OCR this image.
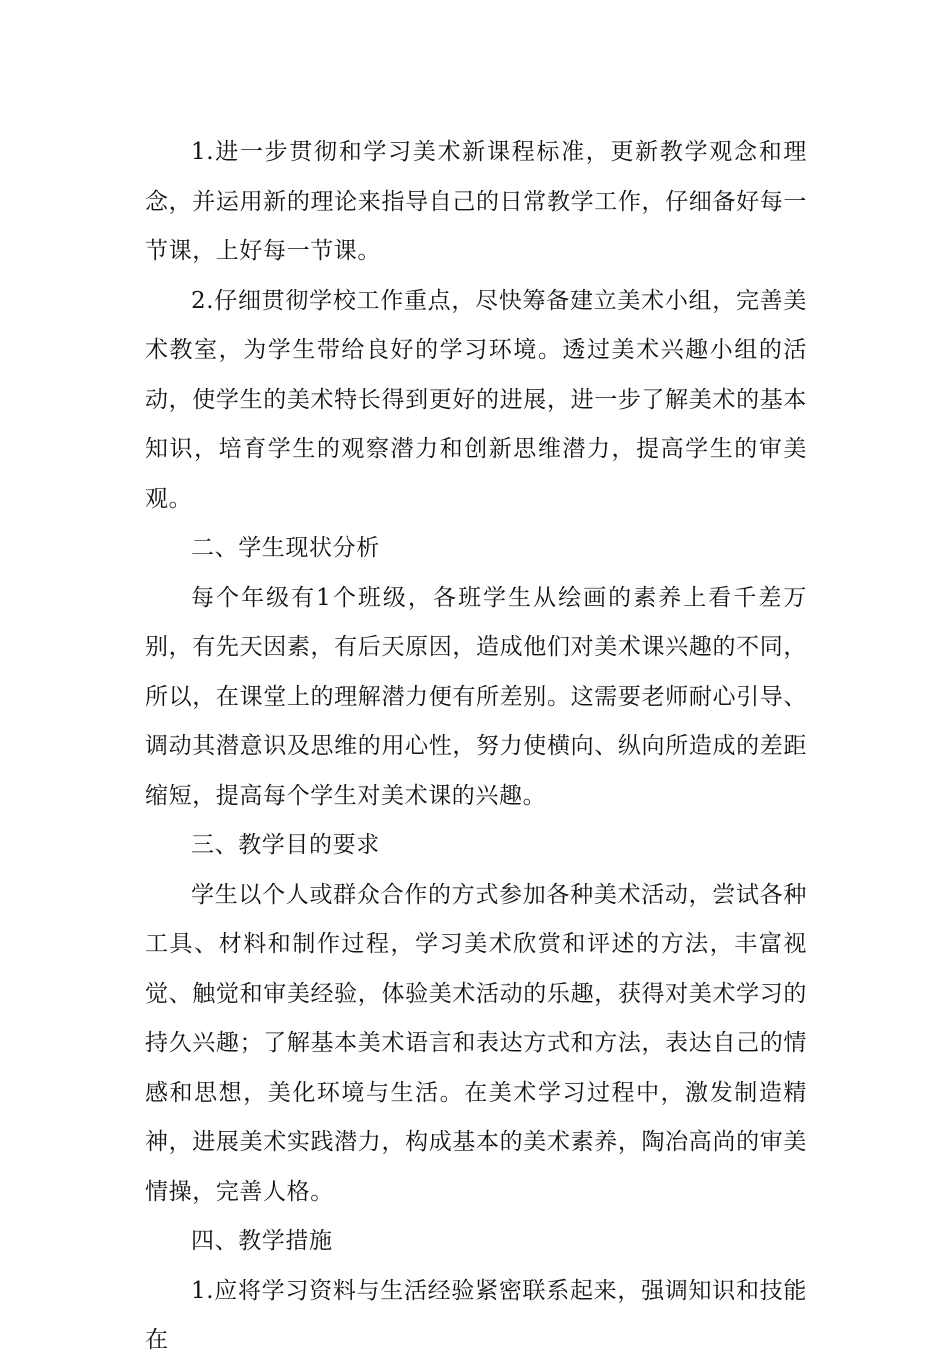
1.进一步贯彻和学习美术新课程标准，更新教学观念和理念，并运用新的理论来指导自己的日常教学工作，仔细备好每一节课，上好每一节课。

2.仔细贯彻学校工作重点，尽快筹备建立美术小组，完善美术教室，为学生带给良好的学习环境。透过美术兴趣小组的活动，使学生的美术特长得到更好的进展，进一步了解美术的基本知识，培育学生的观察潜力和创新思维潜力，提高学生的审美观。

二、学生现状分析

每个年级有1个班级，各班学生从绘画的素养上看千差万别，有先天因素，有后天原因，造成他们对美术课兴趣的不同，所以，在课堂上的理解潜力便有所差别。这需要老师耐心引导、调动其潜意识及思维的用心性，努力使横向、纵向所造成的差距缩短，提高每个学生对美术课的兴趣。

三、教学目的要求

学生以个人或群众合作的方式参加各种美术活动，尝试各种工具、材料和制作过程，学习美术欣赏和评述的方法，丰富视觉、触觉和审美经验，体验美术活动的乐趣，获得对美术学习的持久兴趣；了解基本美术语言和表达方式和方法，表达自己的情感和思想，美化环境与生活。在美术学习过程中，激发制造精神，进展美术实践潜力，构成基本的美术素养，陶冶高尚的审美情操，完善人格。

四、教学措施

1.应将学习资料与生活经验紧密联系起来，强调知识和技能在
